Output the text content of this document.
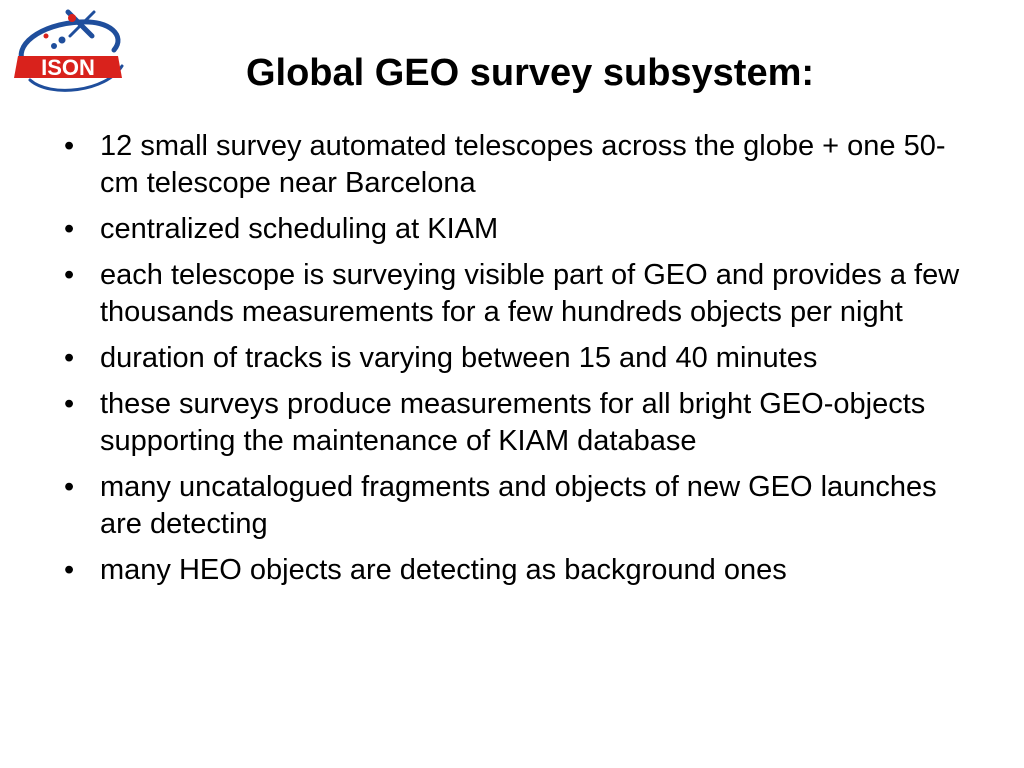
ISON	Global GEO survey subsystem:
• 12 small survey automated telescopes across the globe + one 50-cm telescope near Barcelona
• centralized scheduling at KIAM
• each telescope is surveying visible part of GEO and provides a few thousands measurements for a few hundreds objects per night
• duration of tracks is varying between 15 and 40 minutes
• these surveys produce measurements for all bright GEO-objects supporting the maintenance of KIAM database
• many uncatalogued fragments and objects of new GEO launches are detecting
• many HEO objects are detecting as background ones
